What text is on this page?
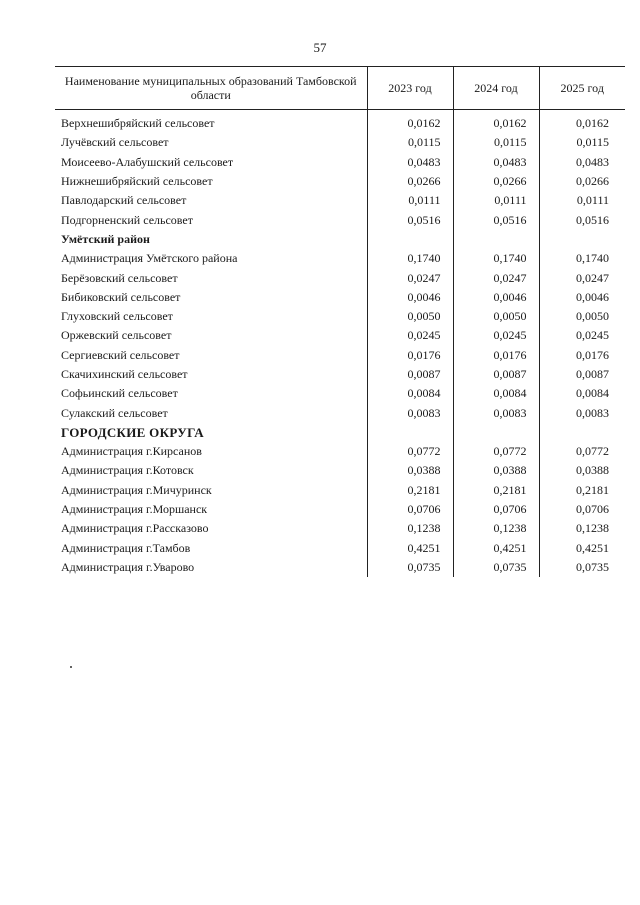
57
Наименование муниципальных образований Тамбовской области	2023 год	2024 год	2025 год
Верхнешибряйский сельсовет	0,0162	0,0162	0,0162
Лучёвский сельсовет	0,0115	0,0115	0,0115
Моисеево-Алабушский сельсовет	0,0483	0,0483	0,0483
Нижнешибряйский сельсовет	0,0266	0,0266	0,0266
Павлодарский сельсовет	0,0111	0,0111	0,0111
Подгорненский сельсовет	0,0516	0,0516	0,0516
Умётский район			
Администрация Умётского района	0,1740	0,1740	0,1740
Берёзовский сельсовет	0,0247	0,0247	0,0247
Бибиковский сельсовет	0,0046	0,0046	0,0046
Глуховский сельсовет	0,0050	0,0050	0,0050
Оржевский сельсовет	0,0245	0,0245	0,0245
Сергиевский сельсовет	0,0176	0,0176	0,0176
Скачихинский сельсовет	0,0087	0,0087	0,0087
Софьинский сельсовет	0,0084	0,0084	0,0084
Сулакский сельсовет	0,0083	0,0083	0,0083
ГОРОДСКИЕ ОКРУГА			
Администрация г.Кирсанов	0,0772	0,0772	0,0772
Администрация г.Котовск	0,0388	0,0388	0,0388
Администрация г.Мичуринск	0,2181	0,2181	0,2181
Администрация г.Моршанск	0,0706	0,0706	0,0706
Администрация г.Рассказово	0,1238	0,1238	0,1238
Администрация г.Тамбов	0,4251	0,4251	0,4251
Администрация г.Уварово	0,0735	0,0735	0,0735
